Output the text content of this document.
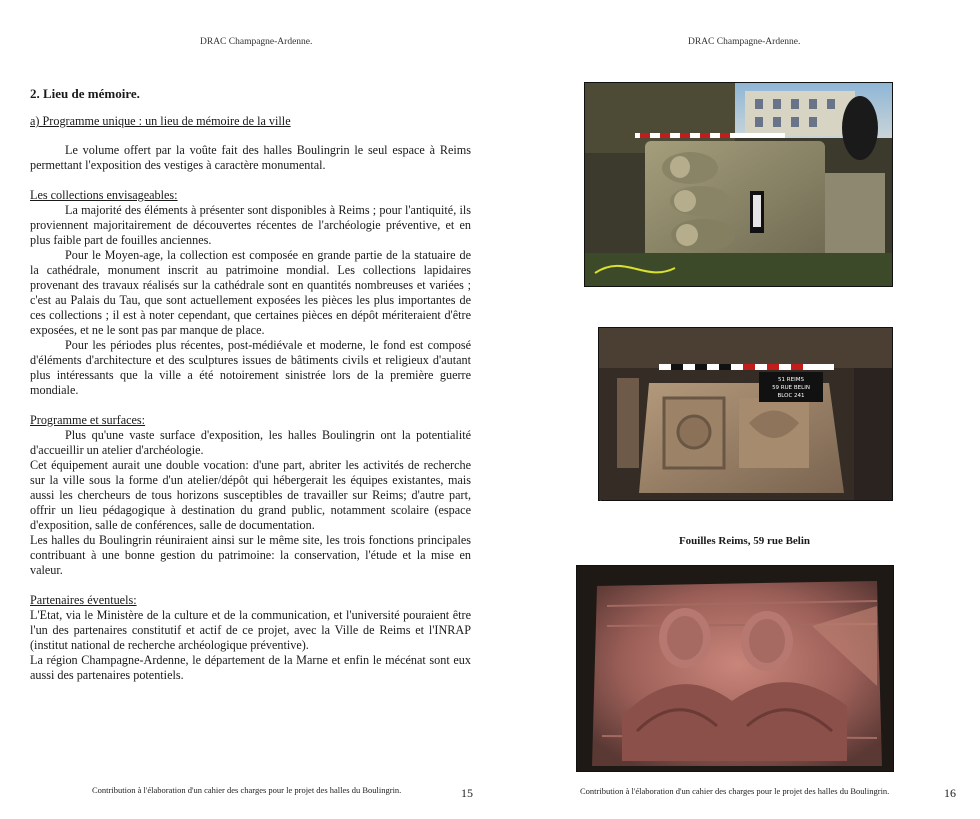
DRAC Champagne-Ardenne.

2. Lieu de mémoire.

a) Programme unique : un lieu de mémoire de la ville

Le volume offert par la voûte fait des halles Boulingrin le seul espace à Reims permettant l'exposition des vestiges à caractère monumental.

Les collections envisageables:

La majorité des éléments à présenter sont disponibles à Reims ; pour l'antiquité, ils proviennent majoritairement de découvertes récentes de l'archéologie préventive, et en plus faible part de fouilles anciennes.

Pour le Moyen-age, la collection est composée en grande partie de la statuaire de la cathédrale, monument inscrit au patrimoine mondial. Les collections lapidaires provenant des travaux réalisés sur la cathédrale sont en quantités nombreuses et variées ; c'est au Palais du Tau, que sont actuellement exposées les pièces les plus importantes de ces collections ; il est à noter cependant, que certaines pièces en dépôt mériteraient d'être exposées, et ne le sont pas par manque de place.

Pour les périodes plus récentes, post-médiévale et moderne, le fond est composé d'éléments d'architecture et des sculptures issues de bâtiments civils et religieux d'autant plus intéressants que la ville a été notoirement sinistrée lors de la première guerre mondiale.

Programme et surfaces:

Plus qu'une vaste surface d'exposition, les halles Boulingrin ont la potentialité d'accueillir un atelier d'archéologie.

Cet équipement aurait une double vocation: d'une part, abriter les activités de recherche sur la ville sous la forme d'un atelier/dépôt qui hébergerait les équipes existantes, mais aussi les chercheurs de tous horizons susceptibles de travailler sur Reims; d'autre part, offrir un lieu pédagogique à destination du grand public, notamment scolaire (espace d'exposition, salle de conférences, salle de documentation.

Les halles du Boulingrin réuniraient ainsi sur le même site, les trois fonctions principales contribuant à une bonne gestion du patrimoine: la conservation, l'étude et la mise en valeur.

Partenaires éventuels:

L'Etat, via le Ministère de la culture et de la communication, et l'université pouraient être l'un des partenaires constitutif et actif de ce projet, avec la Ville de Reims et l'INRAP (institut national de recherche archéologique préventive).

La région Champagne-Ardenne, le département de la Marne et enfin le mécénat sont eux aussi des partenaires potentiels.

Contribution à l'élaboration d'un cahier des charges pour le projet des halles du Boulingrin.	15
DRAC Champagne-Ardenne.
51 REIMS
59 RUE BELIN
BLOC 241
51
Fouilles Reims, 59 rue Belin
Contribution à l'élaboration d'un cahier des charges pour le projet des halles du Boulingrin.	16
